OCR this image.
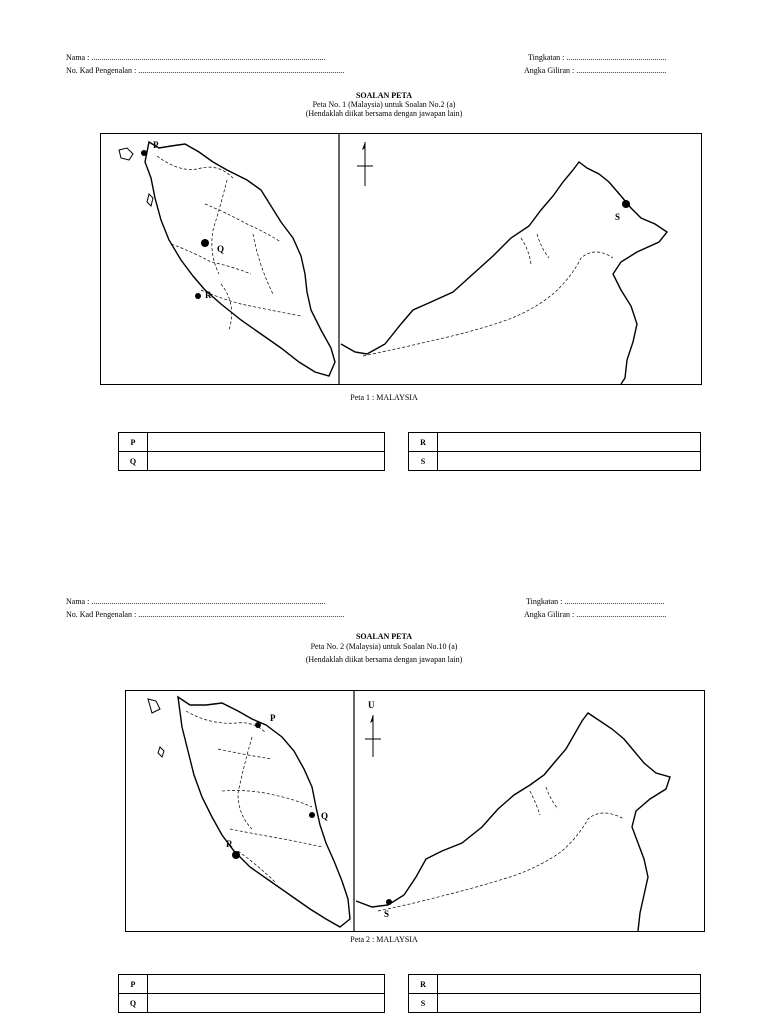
Nama : .....................................................................................................................
No. Kad Pengenalan : .......................................................................................................
Tingkatan : ..................................................
Angka Giliran : .............................................
SOALAN PETA
Peta No. 1 (Malaysia) untuk Soalan No.2 (a)
(Hendaklah diikat bersama dengan jawapan lain)
P
Q
R
S
Peta 1 : MALAYSIA
P	
Q	
R	
S	
Nama : .....................................................................................................................
No. Kad Pengenalan : .......................................................................................................
Tingkatan : ..................................................
Angka Giliran : .............................................
SOALAN PETA
Peta No. 2 (Malaysia) untuk Soalan No.10 (a)
(Hendaklah diikat bersama dengan jawapan lain)
U
P
Q
R
S
Peta 2 : MALAYSIA
P	
Q	
R	
S	
